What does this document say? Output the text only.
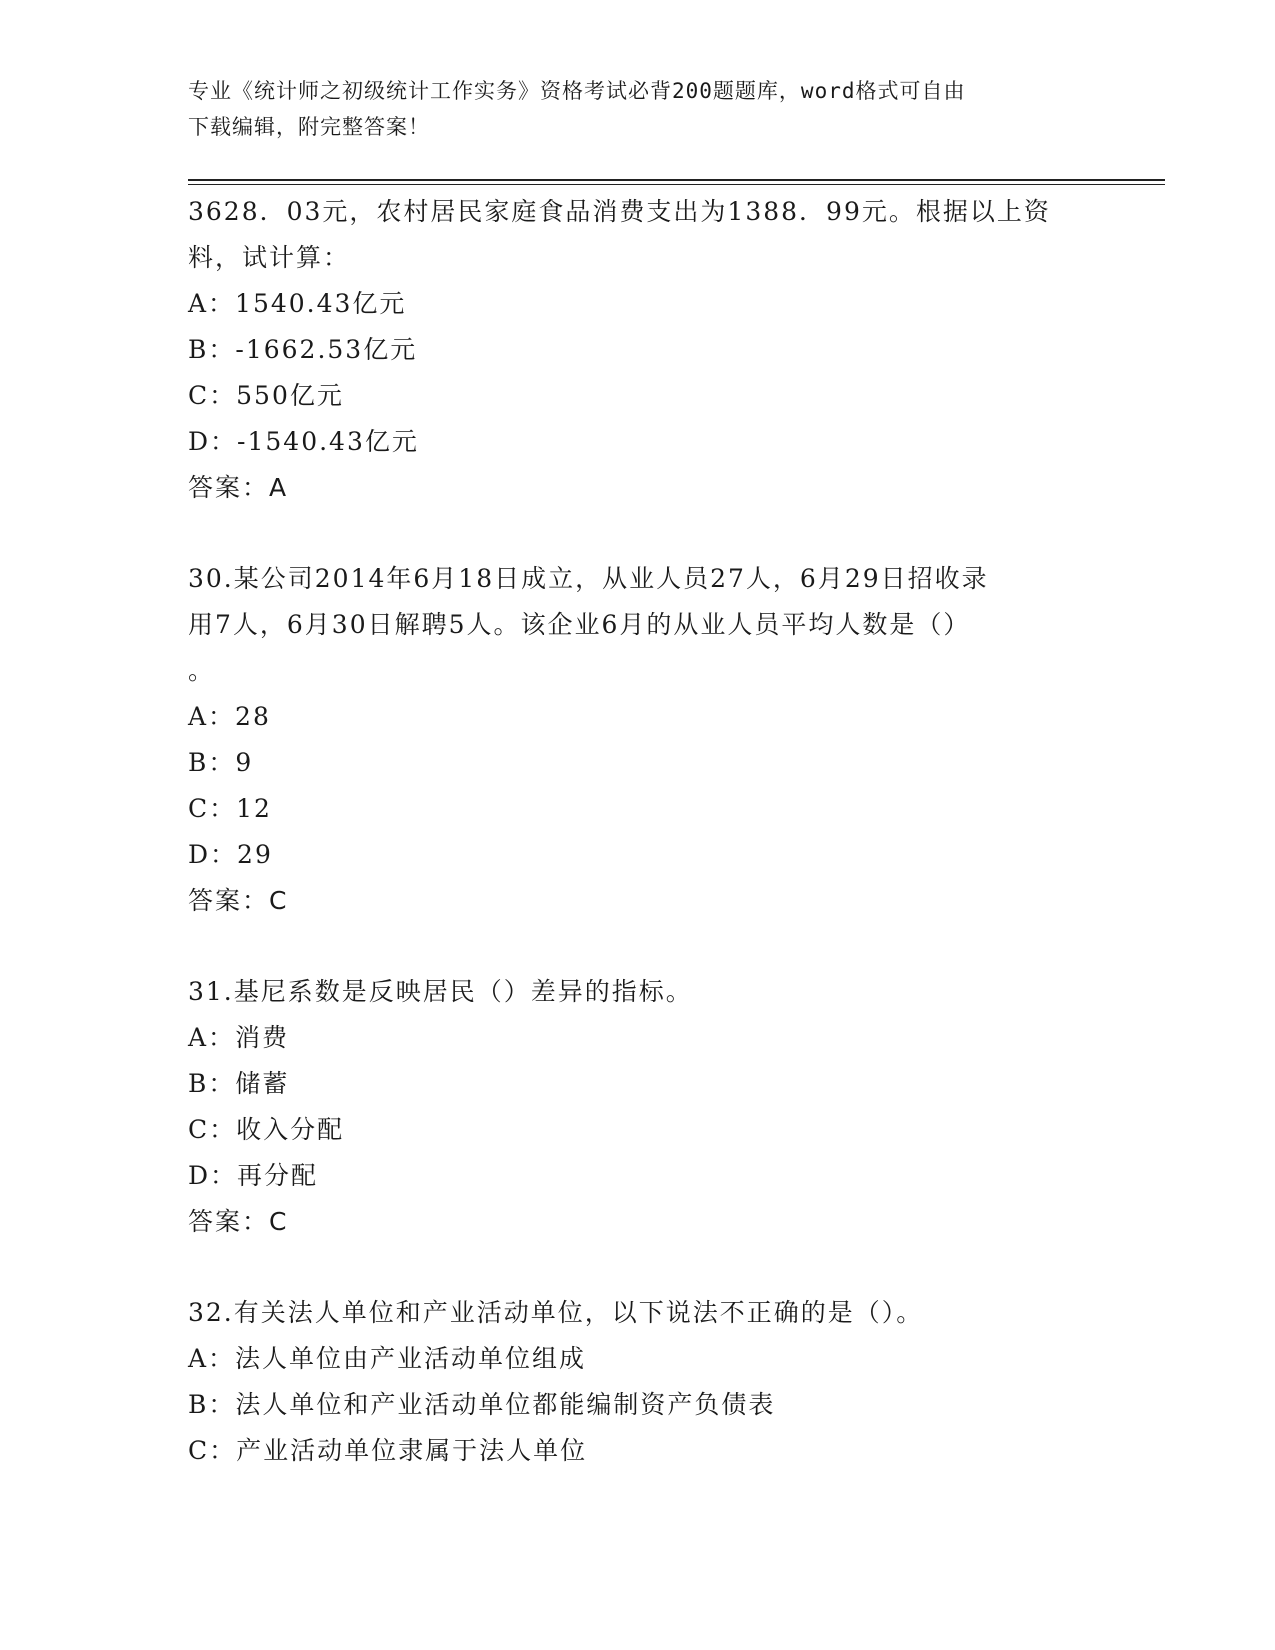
专业《统计师之初级统计工作实务》资格考试必背200题题库，word格式可自由
下载编辑，附完整答案！
3628．03元，农村居民家庭食品消费支出为1388．99元。根据以上资
料，试计算：
A：1540.43亿元
B：-1662.53亿元
C：550亿元
D：-1540.43亿元
答案：A
30.某公司2014年6月18日成立，从业人员27人，6月29日招收录
用7人，6月30日解聘5人。该企业6月的从业人员平均人数是（）
。
A：28
B：9
C：12
D：29
答案：C
31.基尼系数是反映居民（）差异的指标。
A：消费
B：储蓄
C：收入分配
D：再分配
答案：C
32.有关法人单位和产业活动单位，以下说法不正确的是（）。
A：法人单位由产业活动单位组成
B：法人单位和产业活动单位都能编制资产负债表
C：产业活动单位隶属于法人单位
